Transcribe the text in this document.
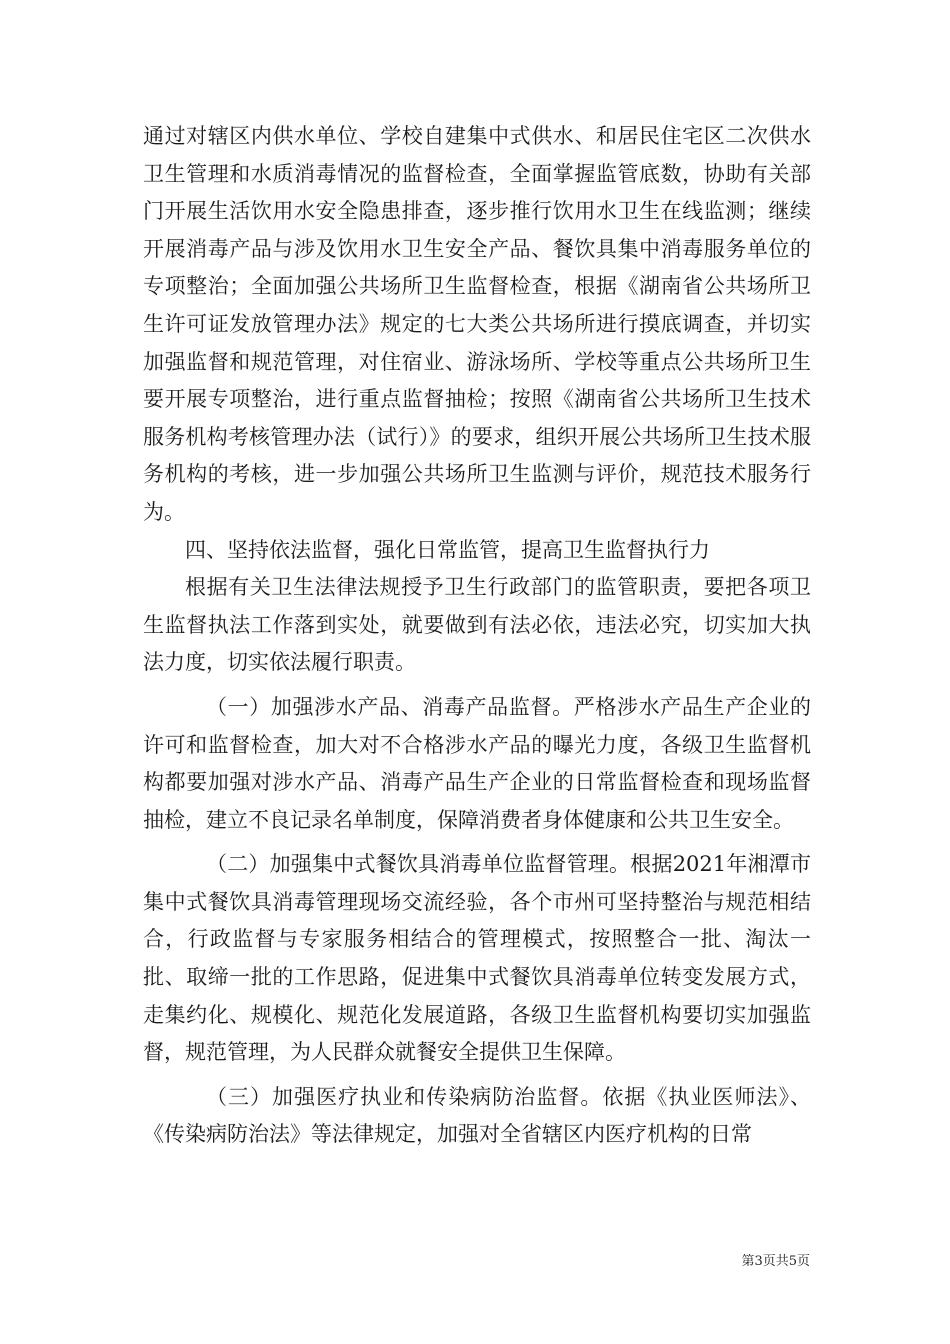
通过对辖区内供水单位、学校自建集中式供水、和居民住宅区二次供水卫生管理和水质消毒情况的监督检查，全面掌握监管底数，协助有关部门开展生活饮用水安全隐患排查，逐步推行饮用水卫生在线监测；继续开展消毒产品与涉及饮用水卫生安全产品、餐饮具集中消毒服务单位的专项整治；全面加强公共场所卫生监督检查，根据《湖南省公共场所卫生许可证发放管理办法》规定的七大类公共场所进行摸底调查，并切实加强监督和规范管理，对住宿业、游泳场所、学校等重点公共场所卫生要开展专项整治，进行重点监督抽检；按照《湖南省公共场所卫生技术服务机构考核管理办法（试行）》的要求，组织开展公共场所卫生技术服务机构的考核，进一步加强公共场所卫生监测与评价，规范技术服务行为。

四、坚持依法监督，强化日常监管，提高卫生监督执行力

根据有关卫生法律法规授予卫生行政部门的监管职责，要把各项卫生监督执法工作落到实处，就要做到有法必依，违法必究，切实加大执法力度，切实依法履行职责。

（一）加强涉水产品、消毒产品监督。严格涉水产品生产企业的许可和监督检查，加大对不合格涉水产品的曝光力度，各级卫生监督机构都要加强对涉水产品、消毒产品生产企业的日常监督检查和现场监督抽检，建立不良记录名单制度，保障消费者身体健康和公共卫生安全。

（二）加强集中式餐饮具消毒单位监督管理。根据2021年湘潭市集中式餐饮具消毒管理现场交流经验，各个市州可坚持整治与规范相结合，行政监督与专家服务相结合的管理模式，按照整合一批、淘汰一批、取缔一批的工作思路，促进集中式餐饮具消毒单位转变发展方式，走集约化、规模化、规范化发展道路，各级卫生监督机构要切实加强监督，规范管理，为人民群众就餐安全提供卫生保障。

（三）加强医疗执业和传染病防治监督。依据《执业医师法》、《传染病防治法》等法律规定，加强对全省辖区内医疗机构的日常

第3页共5页
